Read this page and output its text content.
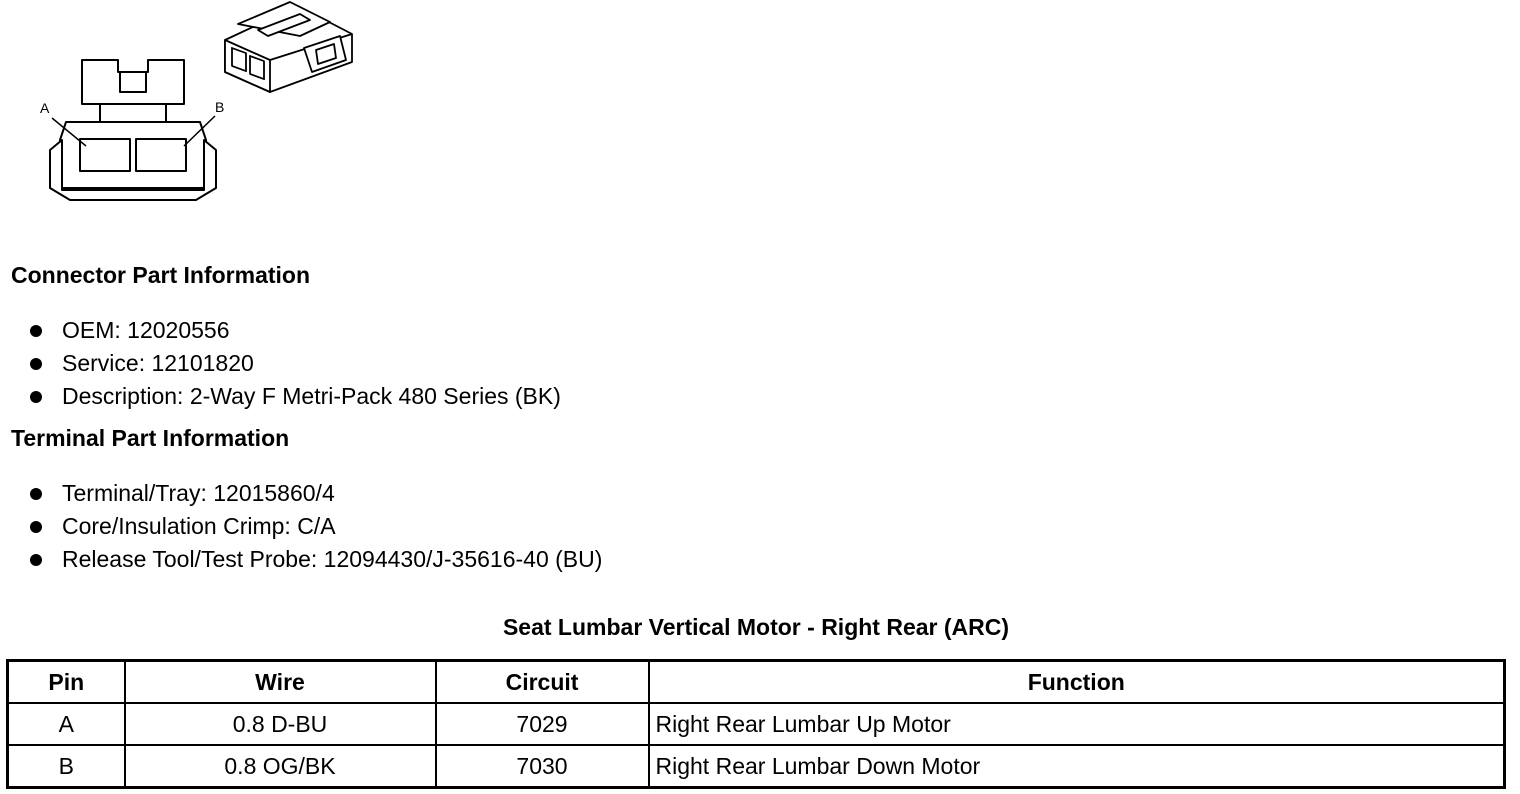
A	B
Connector Part Information
OEM: 12020556
Service: 12101820
Description: 2-Way F Metri-Pack 480 Series (BK)
Terminal Part Information
Terminal/Tray: 12015860/4
Core/Insulation Crimp: C/A
Release Tool/Test Probe: 12094430/J-35616-40 (BU)
Seat Lumbar Vertical Motor - Right Rear (ARC)
Pin	Wire	Circuit	Function
A	0.8 D-BU	7029	Right Rear Lumbar Up Motor
B	0.8 OG/BK	7030	Right Rear Lumbar Down Motor
